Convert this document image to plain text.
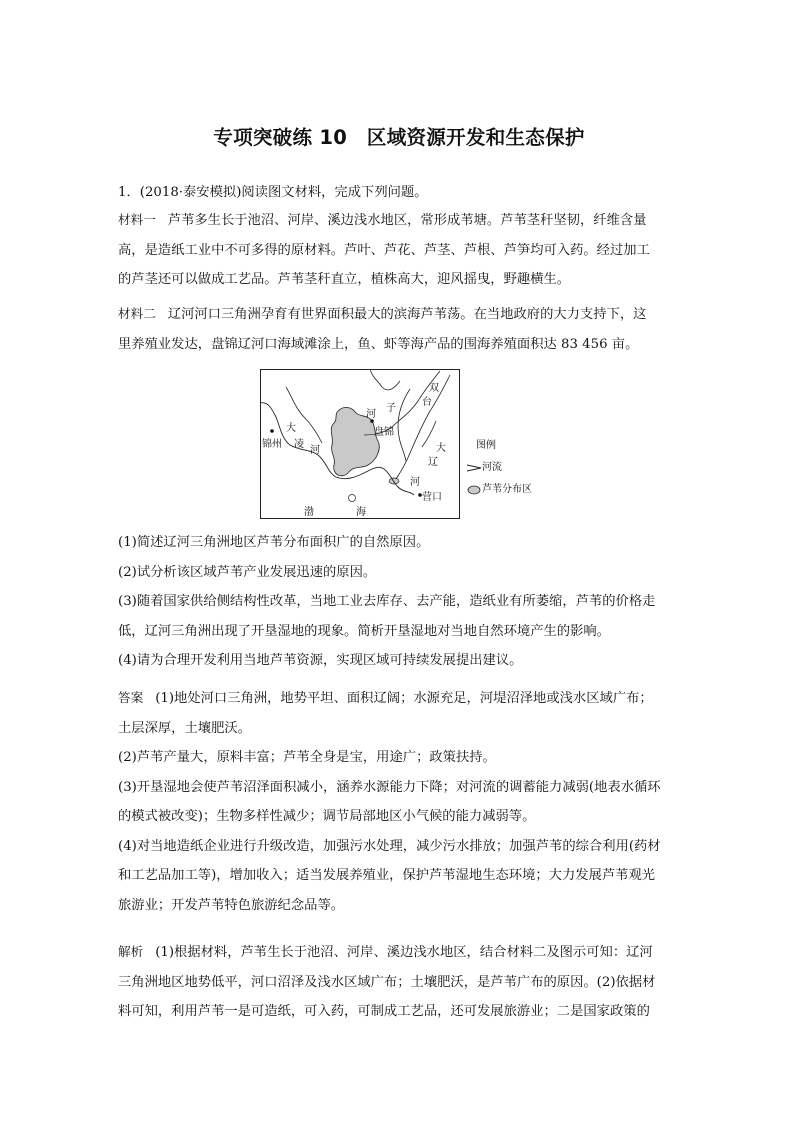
专项突破练 10　区域资源开发和生态保护
1．(2018·泰安模拟)阅读图文材料，完成下列问题。
材料一 芦苇多生长于池沼、河岸、溪边浅水地区，常形成苇塘。芦苇茎秆坚韧，纤维含量
高，是造纸工业中不可多得的原材料。芦叶、芦花、芦茎、芦根、芦笋均可入药。经过加工
的芦茎还可以做成工艺品。芦苇茎秆直立，植株高大，迎风摇曳，野趣横生。
材料二 辽河河口三角洲孕育有世界面积最大的滨海芦苇荡。在当地政府的大力支持下，这
里养殖业发达，盘锦辽河口海域滩涂上，鱼、虾等海产品的围海养殖面积达 83 456 亩。
双
台
子
河
盘锦
锦州
大
凌
河	大
辽
河
营口
渤	海
图例
河流
芦苇分布区
(1)简述辽河三角洲地区芦苇分布面积广的自然原因。
(2)试分析该区域芦苇产业发展迅速的原因。
(3)随着国家供给侧结构性改革，当地工业去库存、去产能，造纸业有所萎缩，芦苇的价格走
低，辽河三角洲出现了开垦湿地的现象。简析开垦湿地对当地自然环境产生的影响。
(4)请为合理开发利用当地芦苇资源，实现区域可持续发展提出建议。
答案 (1)地处河口三角洲，地势平坦、面积辽阔；水源充足，河堤沼泽地或浅水区域广布；
土层深厚，土壤肥沃。
(2)芦苇产量大，原料丰富；芦苇全身是宝，用途广；政策扶持。
(3)开垦湿地会使芦苇沼泽面积减小，涵养水源能力下降；对河流的调蓄能力减弱(地表水循环
的模式被改变)；生物多样性减少；调节局部地区小气候的能力减弱等。
(4)对当地造纸企业进行升级改造，加强污水处理，减少污水排放；加强芦苇的综合利用(药材
和工艺品加工等)，增加收入；适当发展养殖业，保护芦苇湿地生态环境；大力发展芦苇观光
旅游业；开发芦苇特色旅游纪念品等。
解析 (1)根据材料，芦苇生长于池沼、河岸、溪边浅水地区，结合材料二及图示可知：辽河
三角洲地区地势低平，河口沼泽及浅水区域广布；土壤肥沃，是芦苇广布的原因。(2)依据材
料可知，利用芦苇一是可造纸，可入药，可制成工艺品，还可发展旅游业；二是国家政策的
